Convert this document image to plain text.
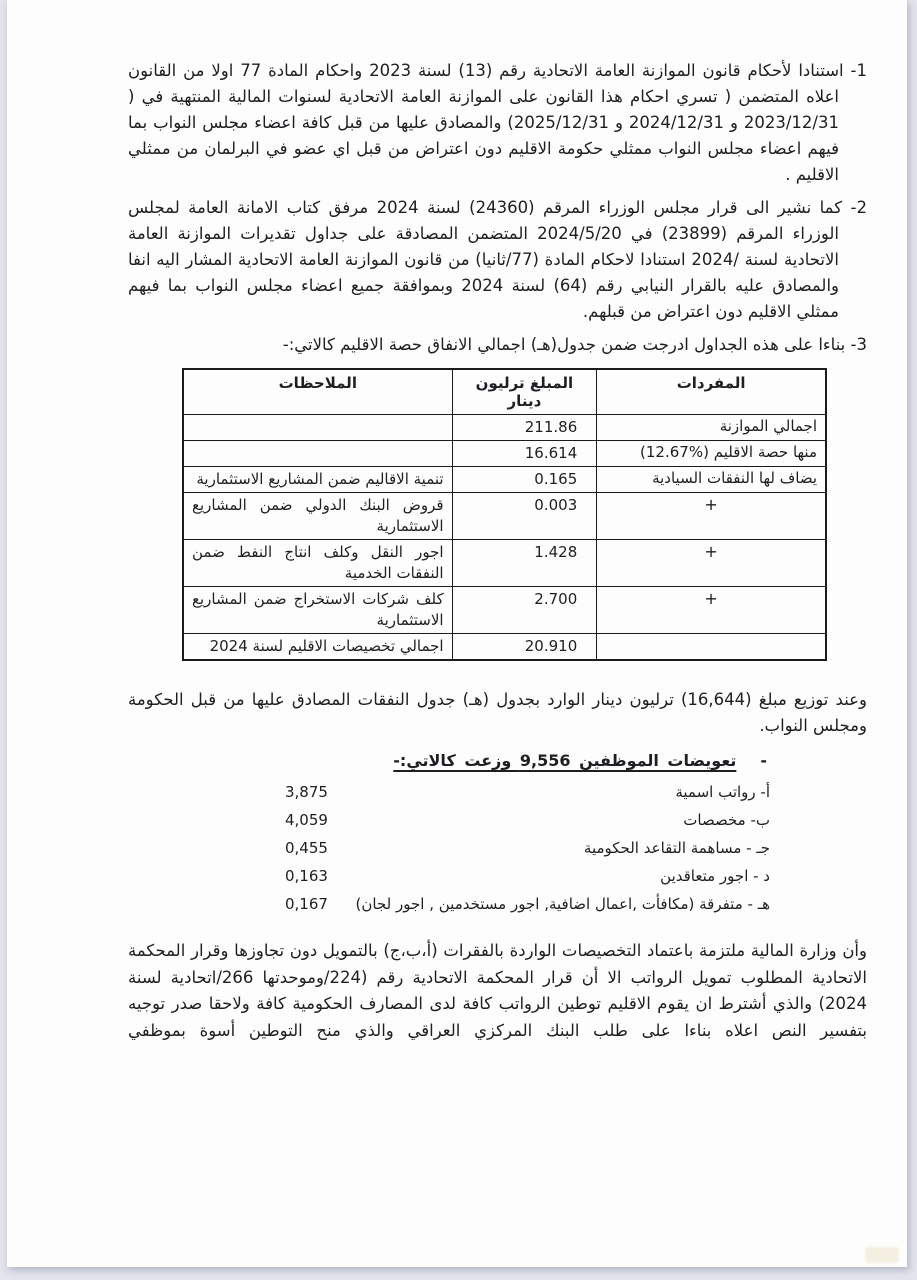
1- استنادا لأحكام قانون الموازنة العامة الاتحادية رقم (13) لسنة 2023 واحكام المادة 77 اولا من القانون اعلاه المتضمن ( تسري احكام هذا القانون على الموازنة العامة الاتحادية لسنوات المالية المنتهية في ( 2023/12/31 و 2024/12/31 و 2025/12/31) والمصادق عليها من قبل كافة اعضاء مجلس النواب بما فيهم اعضاء مجلس النواب ممثلي حكومة الاقليم دون اعتراض من قبل اي عضو في البرلمان من ممثلي الاقليم .

2- كما نشير الى قرار مجلس الوزراء المرقم (24360) لسنة 2024 مرفق كتاب الامانة العامة لمجلس الوزراء المرقم (23899) في 2024/5/20 المتضمن المصادقة على جداول تقديرات الموازنة العامة الاتحادية لسنة /2024 استنادا لاحكام المادة (77/ثانيا) من قانون الموازنة العامة الاتحادية المشار اليه انفا والمصادق عليه بالقرار النيابي رقم (64) لسنة 2024 وبموافقة جميع اعضاء مجلس النواب بما فيهم ممثلي الاقليم دون اعتراض من قبلهم.

3- بناءا على هذه الجداول ادرجت ضمن جدول(هـ) اجمالي الانفاق حصة الاقليم كالاتي:-

المفردات	المبلغ ترليون دينار	الملاحظات
اجمالي الموازنة	211.86	
منها حصة الاقليم (%12.67)	16.614	
يضاف لها النفقات السيادية	0.165	تنمية الاقاليم ضمن المشاريع الاستثمارية
+	0.003	قروض البنك الدولي ضمن المشاريع الاستثمارية
+	1.428	اجور النقل وكلف انتاج النفط ضمن النفقات الخدمية
+	2.700	كلف شركات الاستخراج ضمن المشاريع الاستثمارية
	20.910	اجمالي تخصيصات الاقليم لسنة 2024

وعند توزيع مبلغ (16,644) ترليون دينار الوارد بجدول (هـ) جدول النفقات المصادق عليها من قبل الحكومة ومجلس النواب.

-
تعويضات الموظفين 9,556 وزعت كالاتي:-
أ- رواتب اسمية
3,875
ب- مخصصات
4,059
جـ - مساهمة التقاعد الحكومية
0,455
د - اجور متعاقدين
0,163
هـ - متفرقة (مكافأت ,اعمال اضافية, اجور مستخدمين , اجور لجان)
0,167

وأن وزارة المالية ملتزمة باعتماد التخصيصات الواردة بالفقرات (أ،ب،ج) بالتمويل دون تجاوزها وقرار المحكمة الاتحادية المطلوب تمويل الرواتب الا أن قرار المحكمة الاتحادية رقم (224/وموحدتها 266/اتحادية لسنة 2024) والذي أشترط ان يقوم الاقليم توطين الرواتب كافة لدى المصارف الحكومية كافة ولاحقا صدر توجيه بتفسير النص اعلاه بناءا على طلب البنك المركزي العراقي والذي منح التوطين أسوة بموظفي
